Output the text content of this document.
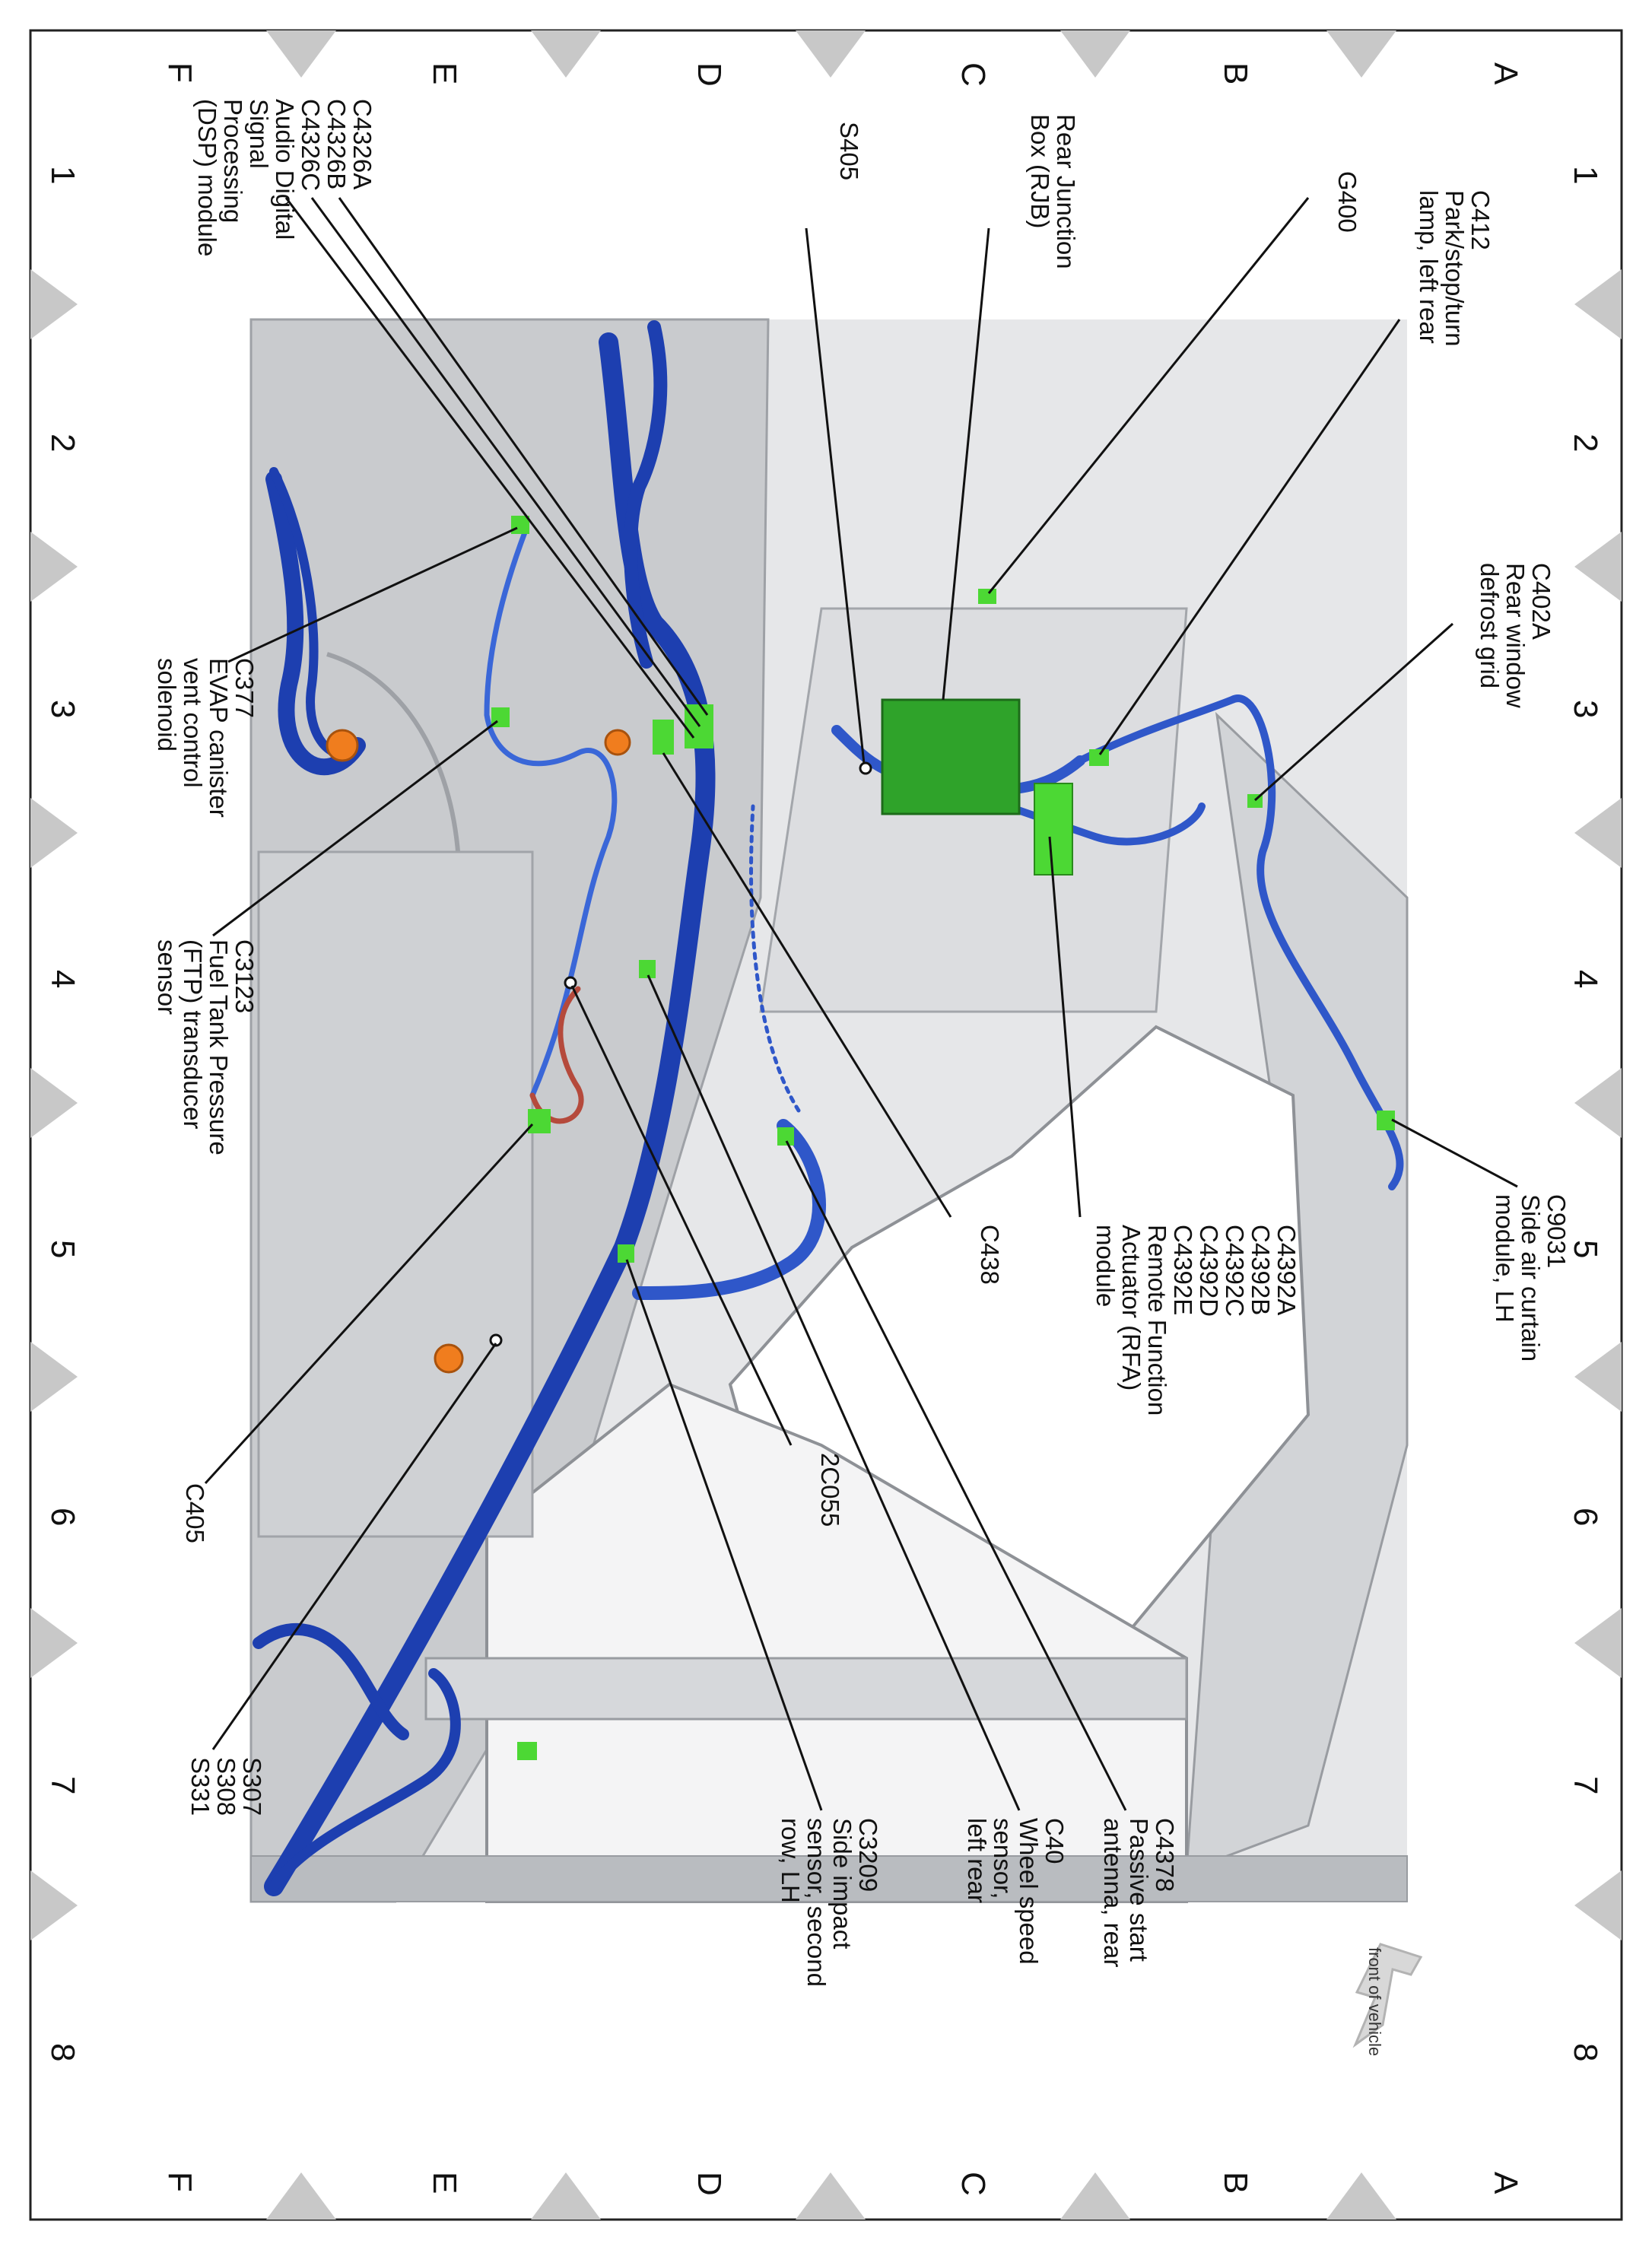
A
B
C
D
E
F
A
B
C
D
E
F
1
2
3
4
5
6
7
8
1
2
3
4
5
6
7
8
C412
Park/stop/turn
lamp, left rear
G400
C402A
Rear window
defrost grid
C9031
Side air curtain
module, LH
Rear Junction
Box (RJB)
S405
C4392A
C4392B
C4392C
C4392D
C4392E
Remote Function
Actuator (RFA)
module
C4326A
C4326B
C4326C
Audio Digital
Signal
Processing
(DSP) module
C438
C4378
Passive start
antenna, rear
C40
Wheel speed
sensor,
left rear
C3209
Side impact
sensor, second
row, LH
2C055
C377
EVAP canister
vent control
solenoid
C3123
Fuel Tank Pressure
(FTP) transducer
sensor
C405
S307
S308
S331
front of vehicle
